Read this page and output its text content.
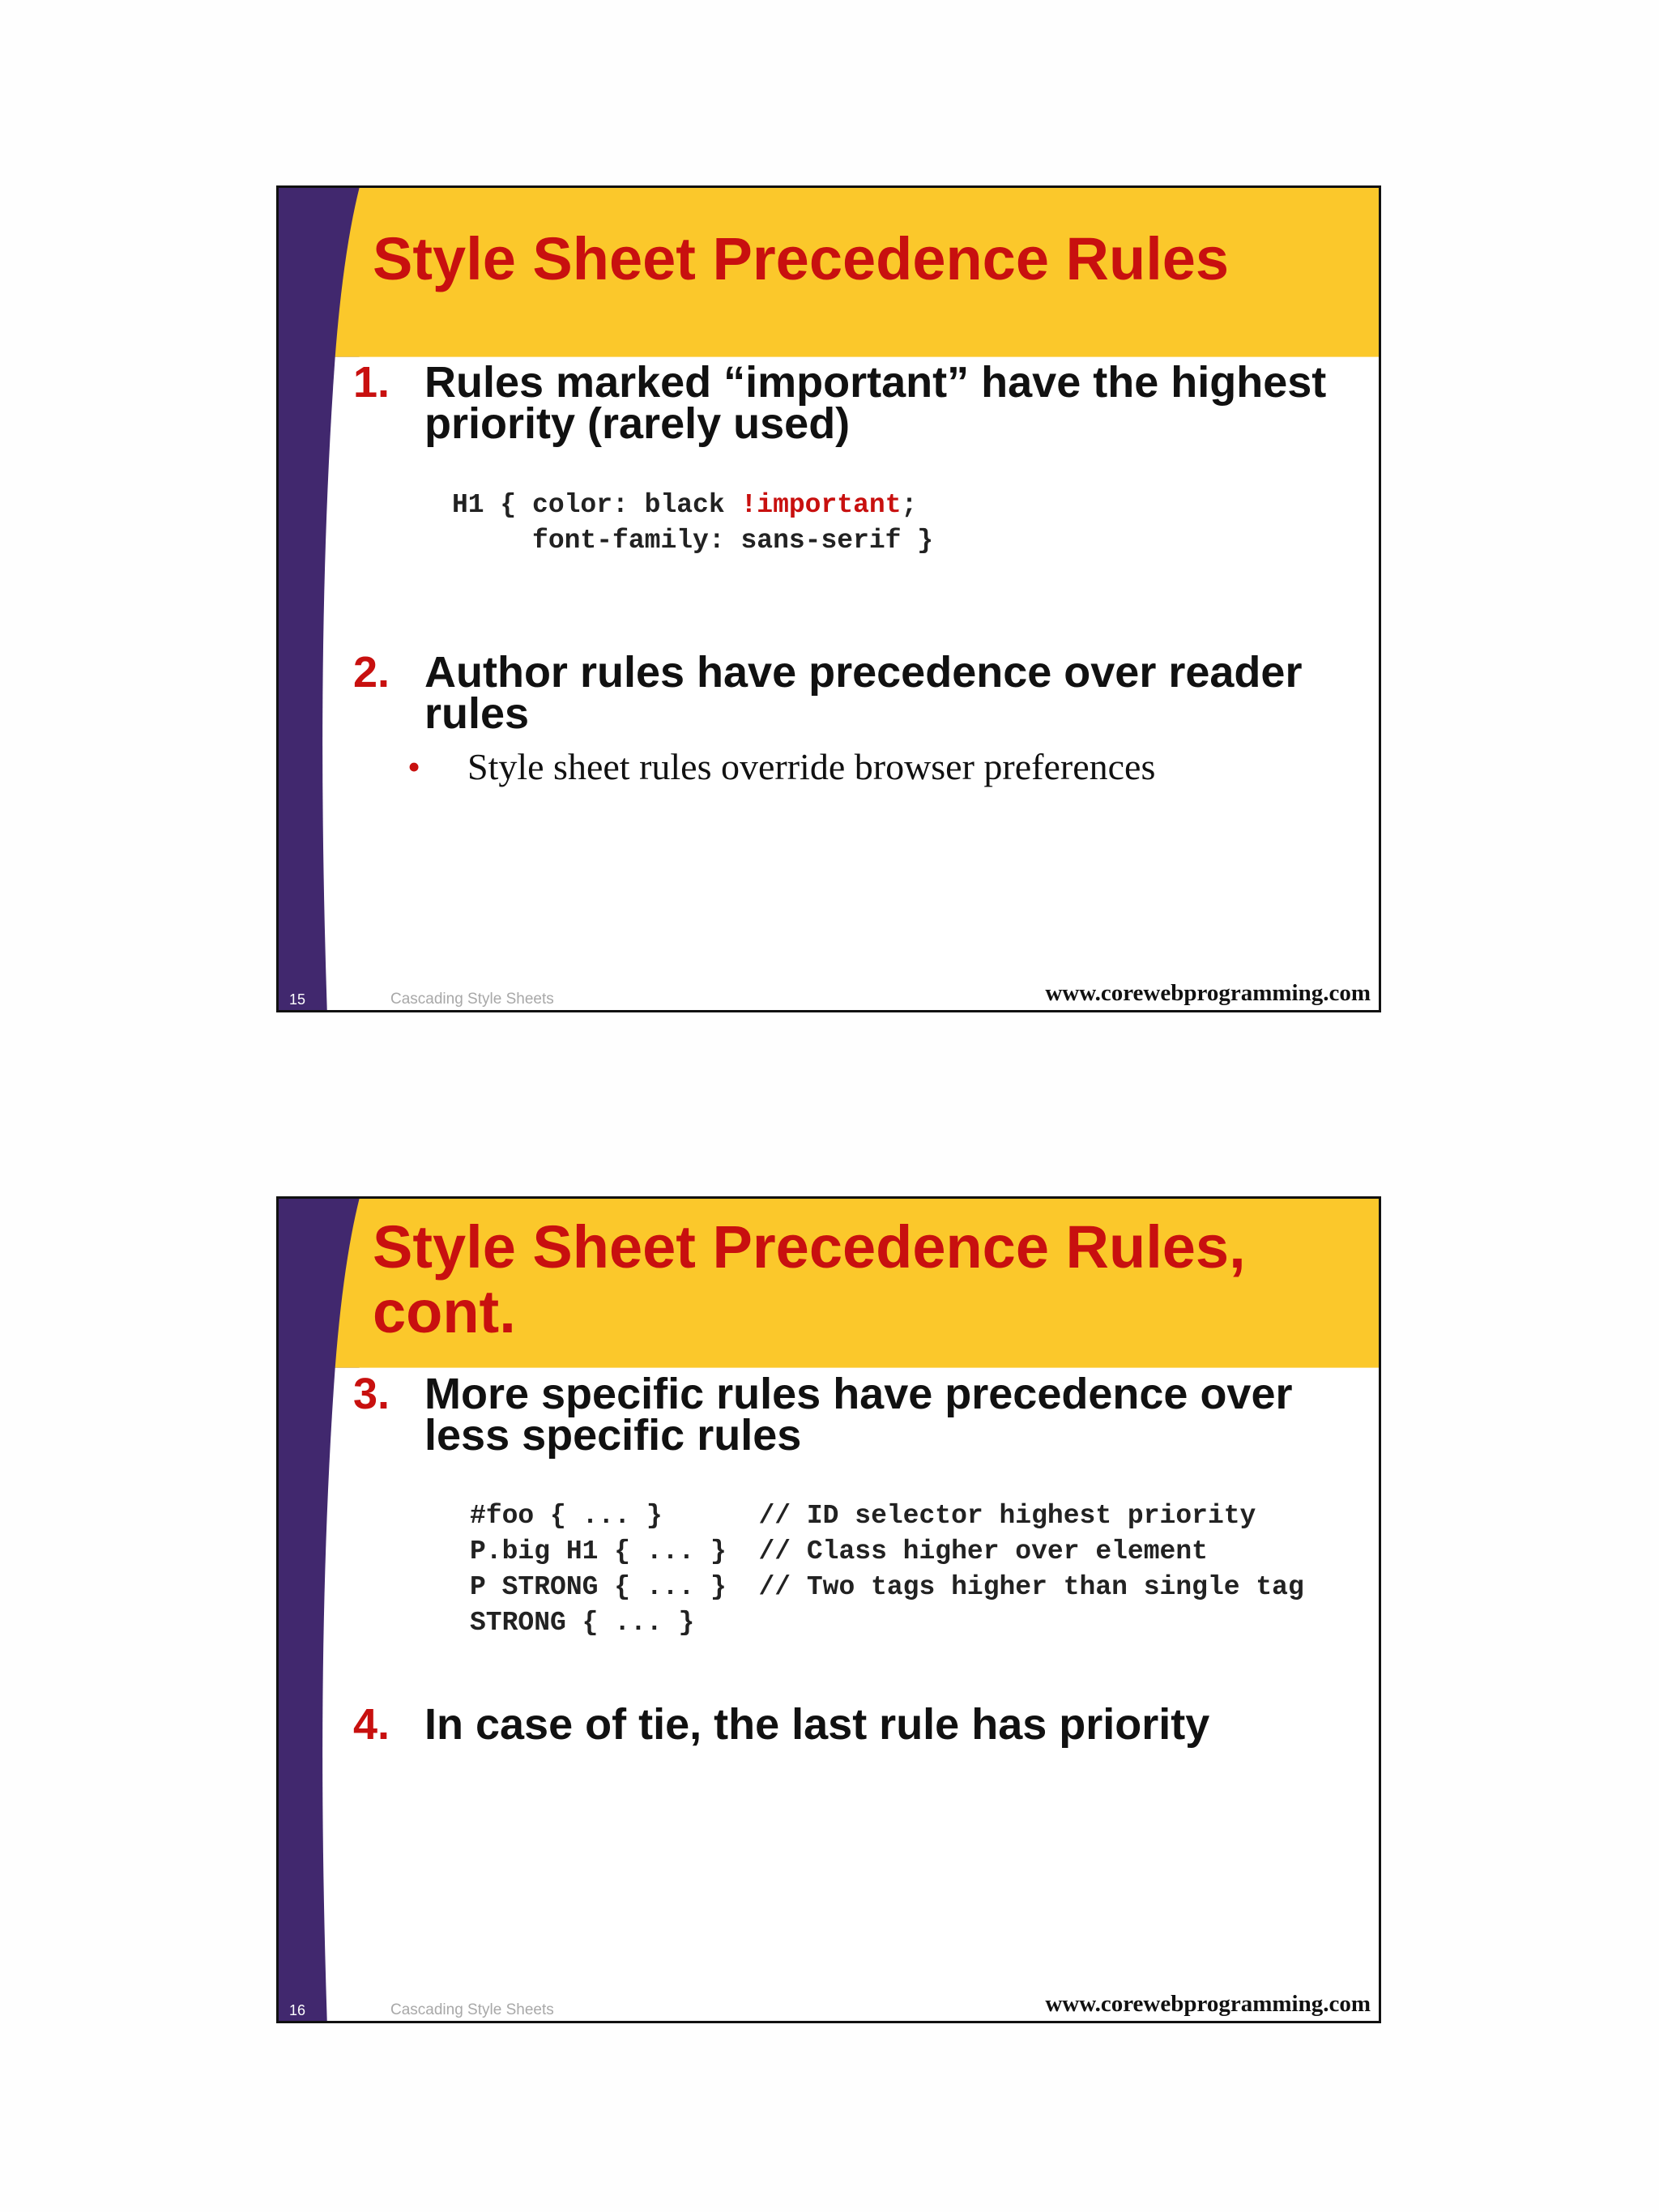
Style Sheet Precedence Rules
1. Rules marked “important” have the highest priority (rarely used)
H1 { color: black !important;
font-family: sans-serif }
2. Author rules have precedence over reader rules

• Style sheet rules override browser preferences

15	Cascading Style Sheets	www.corewebprogramming.com
Style Sheet Precedence Rules,
cont.
3. More specific rules have precedence over less specific rules
#foo { ... }      // ID selector highest priority
P.big H1 { ... }  // Class higher over element
P STRONG { ... }  // Two tags higher than single tag
STRONG { ... }
4. In case of tie, the last rule has priority
16	Cascading Style Sheets	www.corewebprogramming.com
